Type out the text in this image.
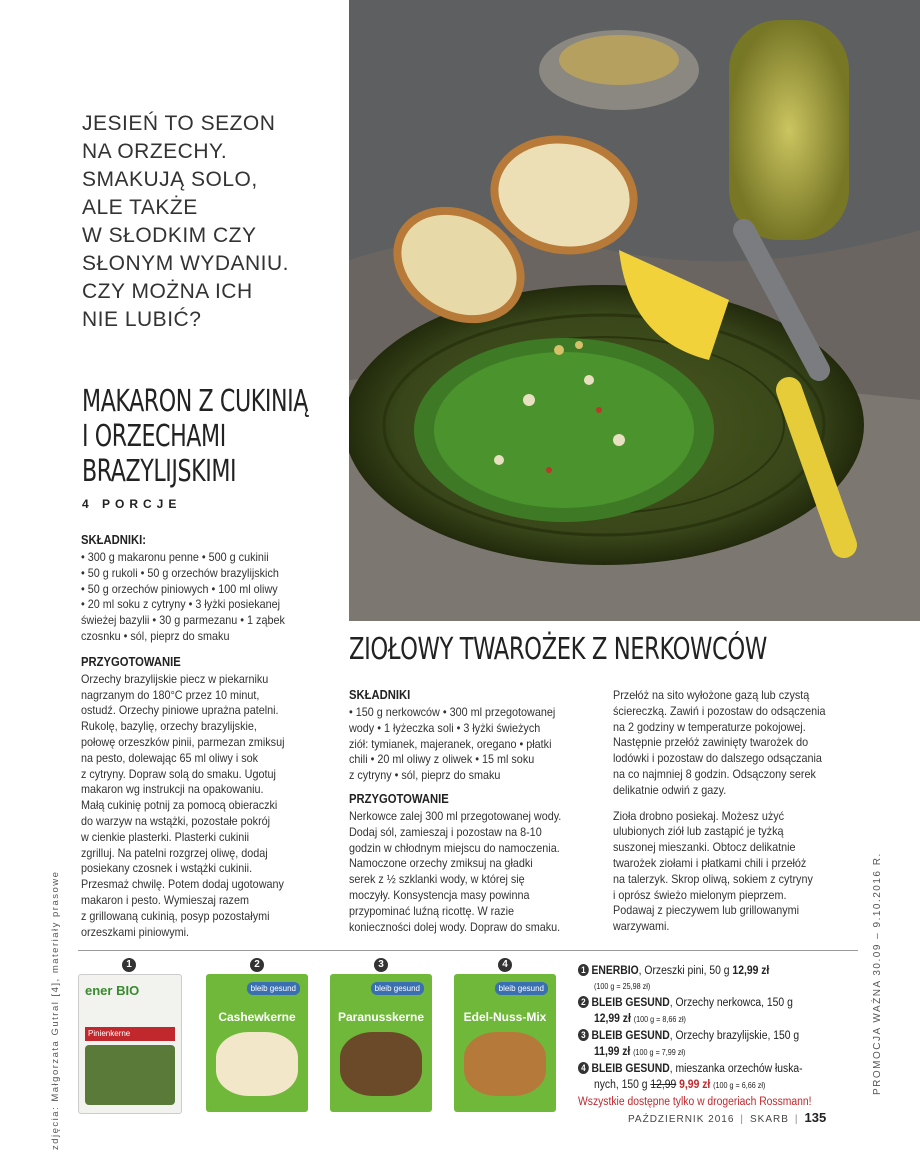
JESIEŃ TO SEZON
NA ORZECHY.
SMAKUJĄ SOLO,
ALE TAKŻE
W SŁODKIM CZY
SŁONYM WYDANIU.
CZY MOŻNA ICH
NIE LUBIĆ?
MAKARON Z CUKINIĄ
I ORZECHAMI
BRAZYLIJSKIMI
4 PORCJE
SKŁADNIKI:
• 300 g makaronu penne • 500 g cukinii
• 50 g rukoli • 50 g orzechów brazylijskich
• 50 g orzechów piniowych • 100 ml oliwy
• 20 ml soku z cytryny • 3 łyżki posiekanej
świeżej bazylii • 30 g parmezanu • 1 ząbek
czosnku • sól, pieprz do smaku
PRZYGOTOWANIE
Orzechy brazylijskie piecz w piekarniku
nagrzanym do 180°C przez 10 minut,
ostudź. Orzechy piniowe uprażna patelni.
Rukolę, bazylię, orzechy brazylijskie,
połowę orzeszków pinii, parmezan zmiksuj
na pesto, dolewając 65 ml oliwy i sok
z cytryny. Dopraw solą do smaku. Ugotuj
makaron wg instrukcji na opakowaniu.
Małą cukinię potnij za pomocą obieraczki
do warzyw na wstążki, pozostałe pokrój
w cienkie plasterki. Plasterki cukinii
zgrilluj. Na patelni rozgrzej oliwę, dodaj
posiekany czosnek i wstążki cukinii.
Przesmaż chwilę. Potem dodaj ugotowany
makaron i pesto. Wymieszaj razem
z grillowaną cukinią, posyp pozostałymi
orzeszkami piniowymi.
ZIOŁOWY TWAROŻEK Z NERKOWCÓW
SKŁADNIKI
• 150 g nerkowców • 300 ml przegotowanej
wody • 1 łyżeczka soli • 3 łyżki świeżych
ziół: tymianek, majeranek, oregano • płatki
chili • 20 ml oliwy z oliwek • 15 ml soku
z cytryny • sól, pieprz do smaku
PRZYGOTOWANIE
Nerkowce zalej 300 ml przegotowanej wody.
Dodaj sól, zamieszaj i pozostaw na 8-10
godzin w chłodnym miejscu do namoczenia.
Namoczone orzechy zmiksuj na gładki
serek z ½ szklanki wody, w której się
moczyły. Konsystencja masy powinna
przypominać luźną ricottę. W razie
konieczności dolej wody. Dopraw do smaku.
Przełóż na sito wyłożone gazą lub czystą
ściereczką. Zawiń i pozostaw do odsączenia
na 2 godziny w temperaturze pokojowej.
Następnie przełóż zawinięty twarożek do
lodówki i pozostaw do dalszego odsączania
na co najmniej 8 godzin. Odsączony serek
delikatnie odwiń z gazy.
Zioła drobno posiekaj. Możesz użyć
ulubionych ziół lub zastąpić je tyżką
suszonej mieszanki. Obtocz delikatnie
twarożek ziołami i płatkami chili i przełóż
na talerzyk. Skrop oliwą, sokiem z cytryny
i oprósz świeżo mielonym pieprzem.
Podawaj z pieczywem lub grillowanymi
warzywami.
zdjęcia: Małgorzata Gutral [4], materiały prasowe	PROMOCJA WAŻNA 30.09 – 9.10.2016 R.
1
ener BIO
Pinienkerne
2
bleib gesund
Cashewkerne
3
bleib gesund
Paranusskerne
4
bleib gesund
Edel-Nuss-Mix
1 ENERBIO, Orzeszki pini, 50 g 12,99 zł
(100 g = 25,98 zł)
2 BLEIB GESUND, Orzechy nerkowca, 150 g
12,99 zł (100 g = 8,66 zł)
3 BLEIB GESUND, Orzechy brazylijskie, 150 g
11,99 zł (100 g = 7,99 zł)
4 BLEIB GESUND, mieszanka orzechów łuska-
nych, 150 g 12,99 9,99 zł (100 g = 6,66 zł)
Wszystkie dostępne tylko w drogeriach Rossmann!
PAŹDZIERNIK 2016 | SKARB | 135
